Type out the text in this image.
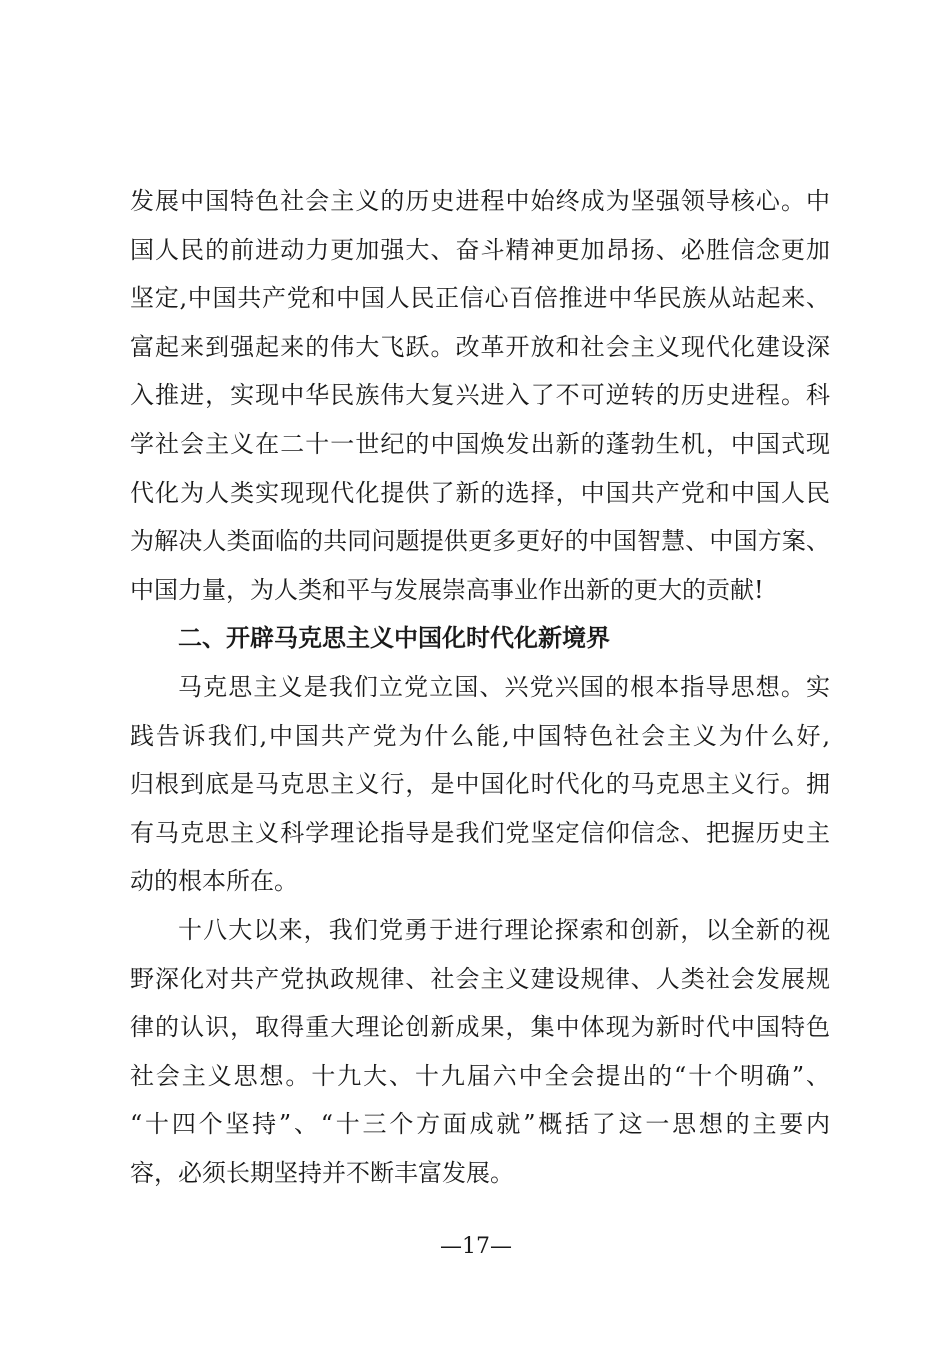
发展中国特色社会主义的历史进程中始终成为坚强领导核心。中
国人民的前进动力更加强大、奋斗精神更加昂扬、必胜信念更加
坚定,中国共产党和中国人民正信心百倍推进中华民族从站起来、
富起来到强起来的伟大飞跃。改革开放和社会主义现代化建设深
入推进，实现中华民族伟大复兴进入了不可逆转的历史进程。科
学社会主义在二十一世纪的中国焕发出新的蓬勃生机，中国式现
代化为人类实现现代化提供了新的选择，中国共产党和中国人民
为解决人类面临的共同问题提供更多更好的中国智慧、中国方案、
中国力量，为人类和平与发展崇高事业作出新的更大的贡献!
二、开辟马克思主义中国化时代化新境界
马克思主义是我们立党立国、兴党兴国的根本指导思想。实
践告诉我们,中国共产党为什么能,中国特色社会主义为什么好,
归根到底是马克思主义行，是中国化时代化的马克思主义行。拥
有马克思主义科学理论指导是我们党坚定信仰信念、把握历史主
动的根本所在。
十八大以来，我们党勇于进行理论探索和创新，以全新的视
野深化对共产党执政规律、社会主义建设规律、人类社会发展规
律的认识，取得重大理论创新成果，集中体现为新时代中国特色
社会主义思想。十九大、十九届六中全会提出的“十个明确”、
“十四个坚持”、“十三个方面成就”概括了这一思想的主要内
容，必须长期坚持并不断丰富发展。
—17—
